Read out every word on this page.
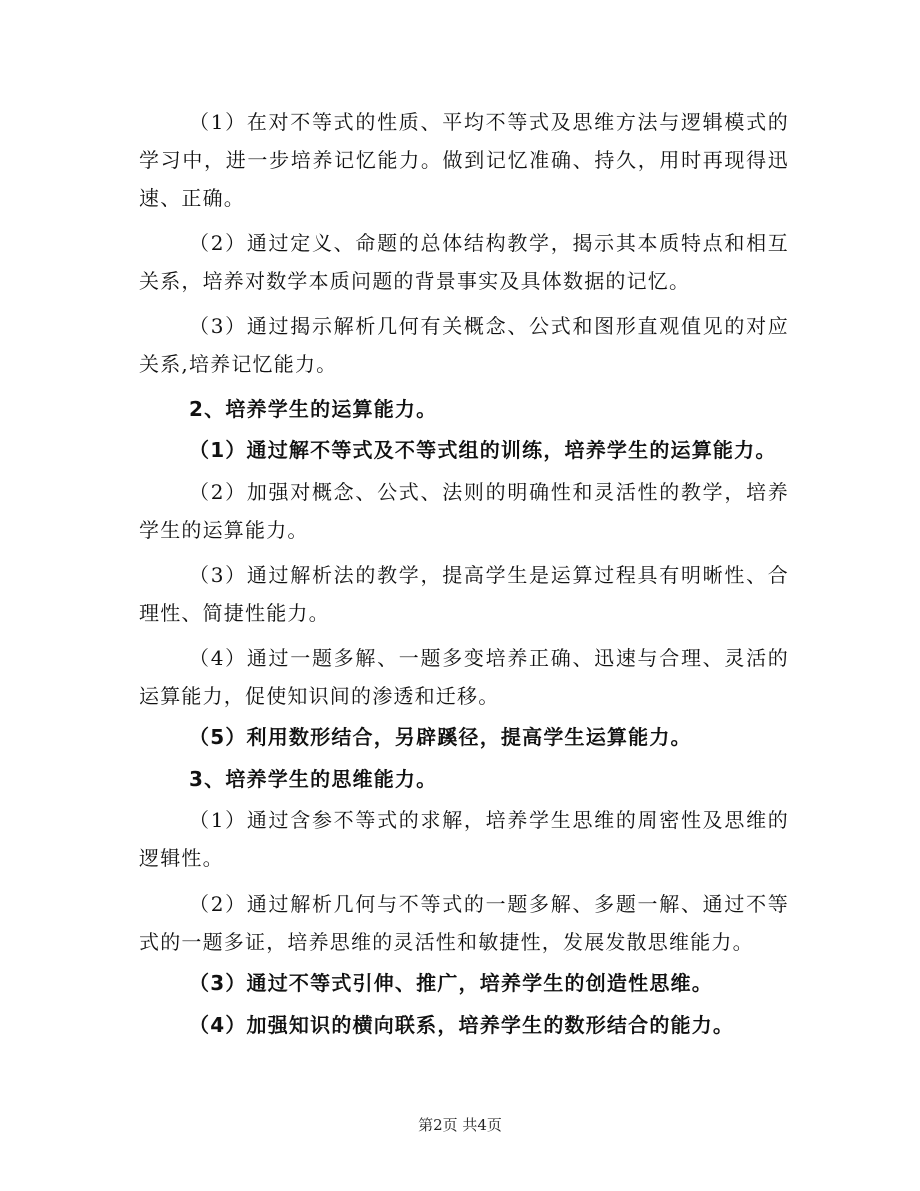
（1）在对不等式的性质、平均不等式及思维方法与逻辑模式的学习中，进一步培养记忆能力。做到记忆准确、持久，用时再现得迅速、正确。

（2）通过定义、命题的总体结构教学，揭示其本质特点和相互关系，培养对数学本质问题的背景事实及具体数据的记忆。

（3）通过揭示解析几何有关概念、公式和图形直观值见的对应关系,培养记忆能力。

2、培养学生的运算能力。

（1）通过解不等式及不等式组的训练，培养学生的运算能力。

（2）加强对概念、公式、法则的明确性和灵活性的教学，培养学生的运算能力。

（3）通过解析法的教学，提高学生是运算过程具有明晰性、合理性、简捷性能力。

（4）通过一题多解、一题多变培养正确、迅速与合理、灵活的运算能力，促使知识间的渗透和迁移。

（5）利用数形结合，另辟蹊径，提高学生运算能力。

3、培养学生的思维能力。

（1）通过含参不等式的求解，培养学生思维的周密性及思维的逻辑性。

（2）通过解析几何与不等式的一题多解、多题一解、通过不等式的一题多证，培养思维的灵活性和敏捷性，发展发散思维能力。

（3）通过不等式引伸、推广，培养学生的创造性思维。

（4）加强知识的横向联系，培养学生的数形结合的能力。

第2页 共4页
